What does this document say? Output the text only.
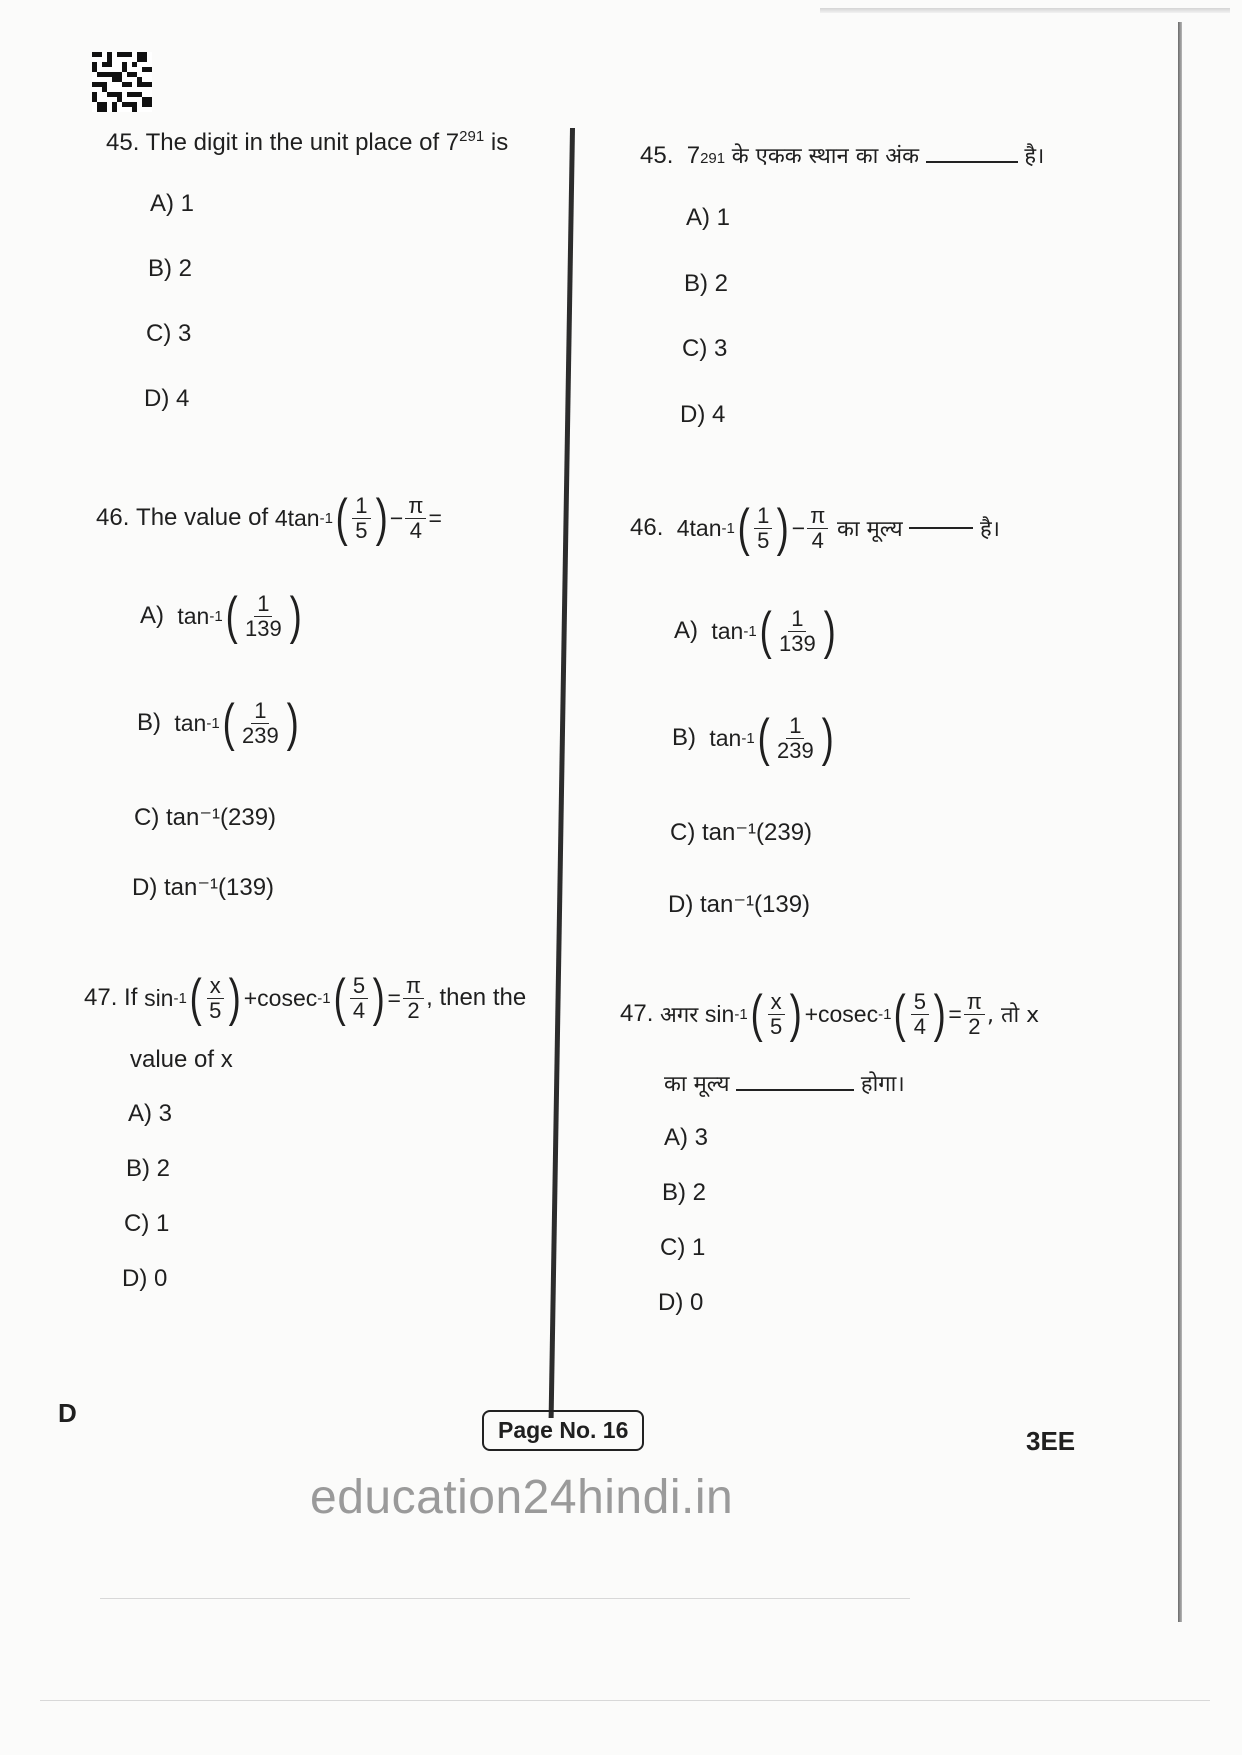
45. The digit in the unit place of $7^{291}$ is
A) 1
B) 2
C) 3
D) 4
46.
The value of
4tan -1 ( $\frac{1}{5}$ ) − $\frac{\pi}{4}$ =
A)
tan -1 ( $\frac{1}{139}$ )
B)
tan -1 ( $\frac{1}{239}$ )
C) tan⁻¹(239)
D) tan⁻¹(139)
47.
If
sin -1 ( $\frac{x}{5}$ ) +cosec -1 ( $\frac{5}{4}$ ) = $\frac{\pi}{2}$ , then the
value of x
A) 3
B) 2
C) 1
D) 0
45.
7 291
के एकक स्थान का अंक

	है।
A) 1
B) 2
C) 3
D) 4
46.
4tan -1 ( $\frac{1}{5}$ ) − $\frac{\pi}{4}$
का मूल्य

	है।
A)
tan -1 ( $\frac{1}{139}$ )
B)
tan -1 ( $\frac{1}{239}$ )
C) tan⁻¹(239)
D) tan⁻¹(139)
47.
अगर
sin -1 ( $\frac{x}{5}$ ) +cosec -1 ( $\frac{5}{4}$ ) = $\frac{\pi}{2}$ , तो x
का मूल्य

	होगा।
A) 3
B) 2
C) 1
D) 0
D
Page No. 16	3EE
education24hindi.in
